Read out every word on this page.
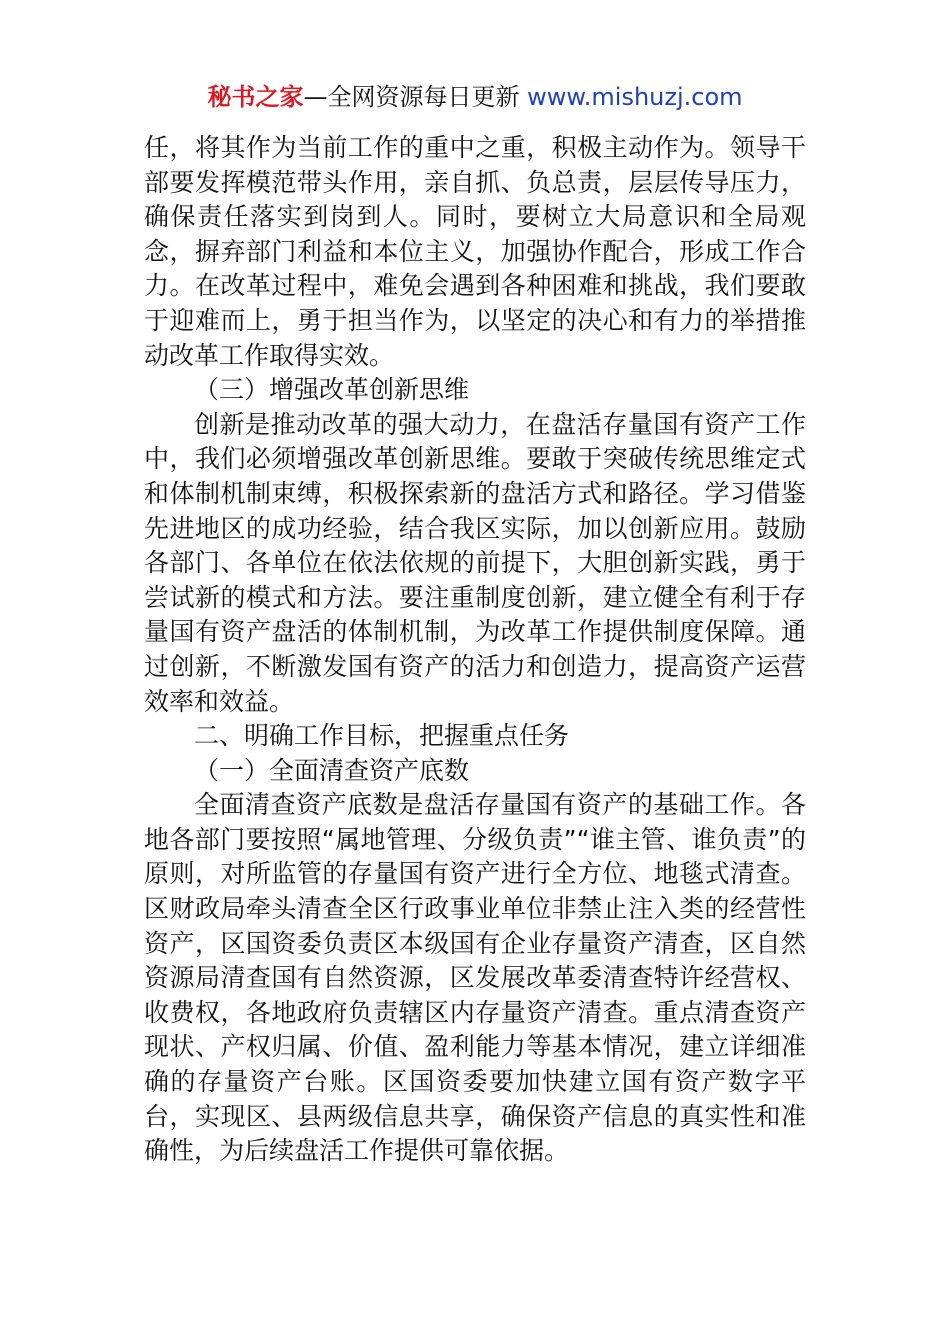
秘书之家—全网资源每日更新 www.mishuzj.com

任，将其作为当前工作的重中之重，积极主动作为。领导干部要发挥模范带头作用，亲自抓、负总责，层层传导压力，确保责任落实到岗到人。同时，要树立大局意识和全局观念，摒弃部门利益和本位主义，加强协作配合，形成工作合力。在改革过程中，难免会遇到各种困难和挑战，我们要敢于迎难而上，勇于担当作为，以坚定的决心和有力的举措推动改革工作取得实效。

（三）增强改革创新思维

创新是推动改革的强大动力，在盘活存量国有资产工作中，我们必须增强改革创新思维。要敢于突破传统思维定式和体制机制束缚，积极探索新的盘活方式和路径。学习借鉴先进地区的成功经验，结合我区实际，加以创新应用。鼓励各部门、各单位在依法依规的前提下，大胆创新实践，勇于尝试新的模式和方法。要注重制度创新，建立健全有利于存量国有资产盘活的体制机制，为改革工作提供制度保障。通过创新，不断激发国有资产的活力和创造力，提高资产运营效率和效益。

二、明确工作目标，把握重点任务

（一）全面清查资产底数

全面清查资产底数是盘活存量国有资产的基础工作。各地各部门要按照“属地管理、分级负责”“谁主管、谁负责”的原则，对所监管的存量国有资产进行全方位、地毯式清查。区财政局牵头清查全区行政事业单位非禁止注入类的经营性资产，区国资委负责区本级国有企业存量资产清查，区自然资源局清查国有自然资源，区发展改革委清查特许经营权、收费权，各地政府负责辖区内存量资产清查。重点清查资产现状、产权归属、价值、盈利能力等基本情况，建立详细准确的存量资产台账。区国资委要加快建立国有资产数字平台，实现区、县两级信息共享，确保资产信息的真实性和准确性，为后续盘活工作提供可靠依据。
